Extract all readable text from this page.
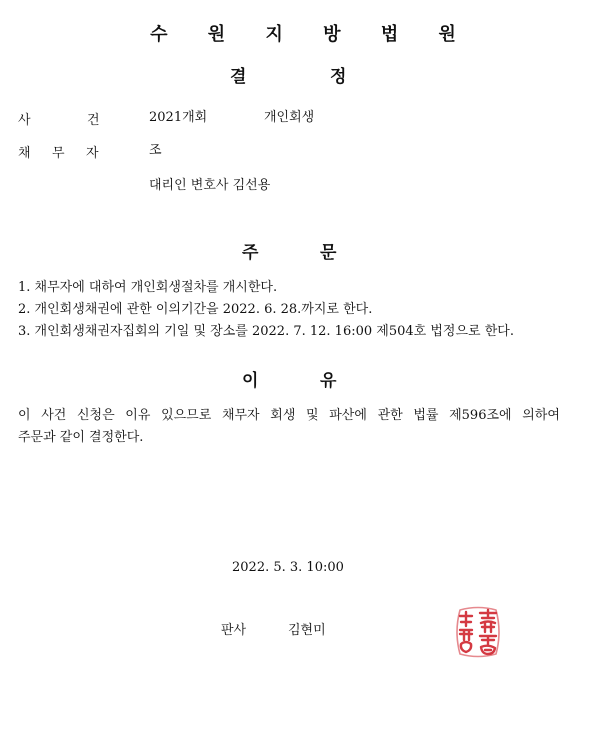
수 원 지 방 법 원
결	정
사	건	2021개회	개인회생
채 무 자	조
대리인 변호사 김선용
주	문
1. 채무자에 대하여 개인회생절차를 개시한다.
2. 개인회생채권에 관한 이의기간을 2022. 6. 28.까지로 한다.
3. 개인회생채권자집회의 기일 및 장소를 2022. 7. 12. 16:00 제504호 법정으로 한다.
이	유
이 사건 신청은 이유 있으므로 채무자 회생 및 파산에 관한 법률 제596조에 의하여
주문과 같이 결정한다.
2022. 5. 3. 10:00
판사	김현미
